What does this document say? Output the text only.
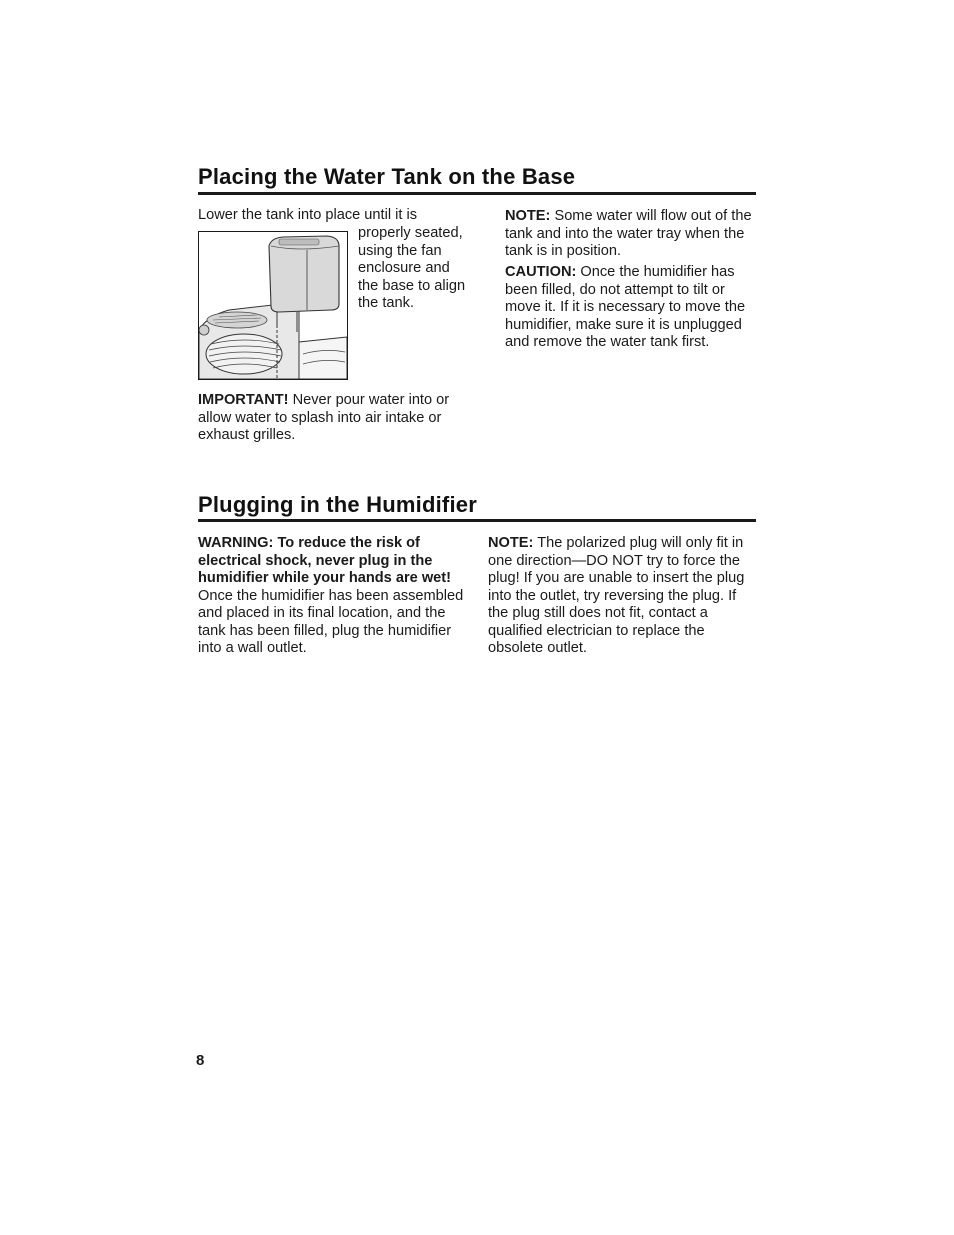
Placing the Water Tank on the Base
Lower the tank into place until it is
properly seated,
using the fan
enclosure and
the base to align
the tank.
IMPORTANT! Never pour water into or allow water to splash into air intake or exhaust grilles.
NOTE: Some water will flow out of the tank and into the water tray when the tank is in position.
CAUTION: Once the humidifier has been filled, do not attempt to tilt or move it. If it is necessary to move the humidifier, make sure it is unplugged and remove the water tank first.
Plugging in the Humidifier
WARNING: To reduce the risk of electrical shock, never plug in the humidifier while your hands are wet!
Once the humidifier has been assembled and placed in its final location, and the tank has been filled, plug the humidifier into a wall outlet.
NOTE: The polarized plug will only fit in one direction—DO NOT try to force the plug! If you are unable to insert the plug into the outlet, try reversing the plug. If the plug still does not fit, contact a qualified electrician to replace the obsolete outlet.
8
